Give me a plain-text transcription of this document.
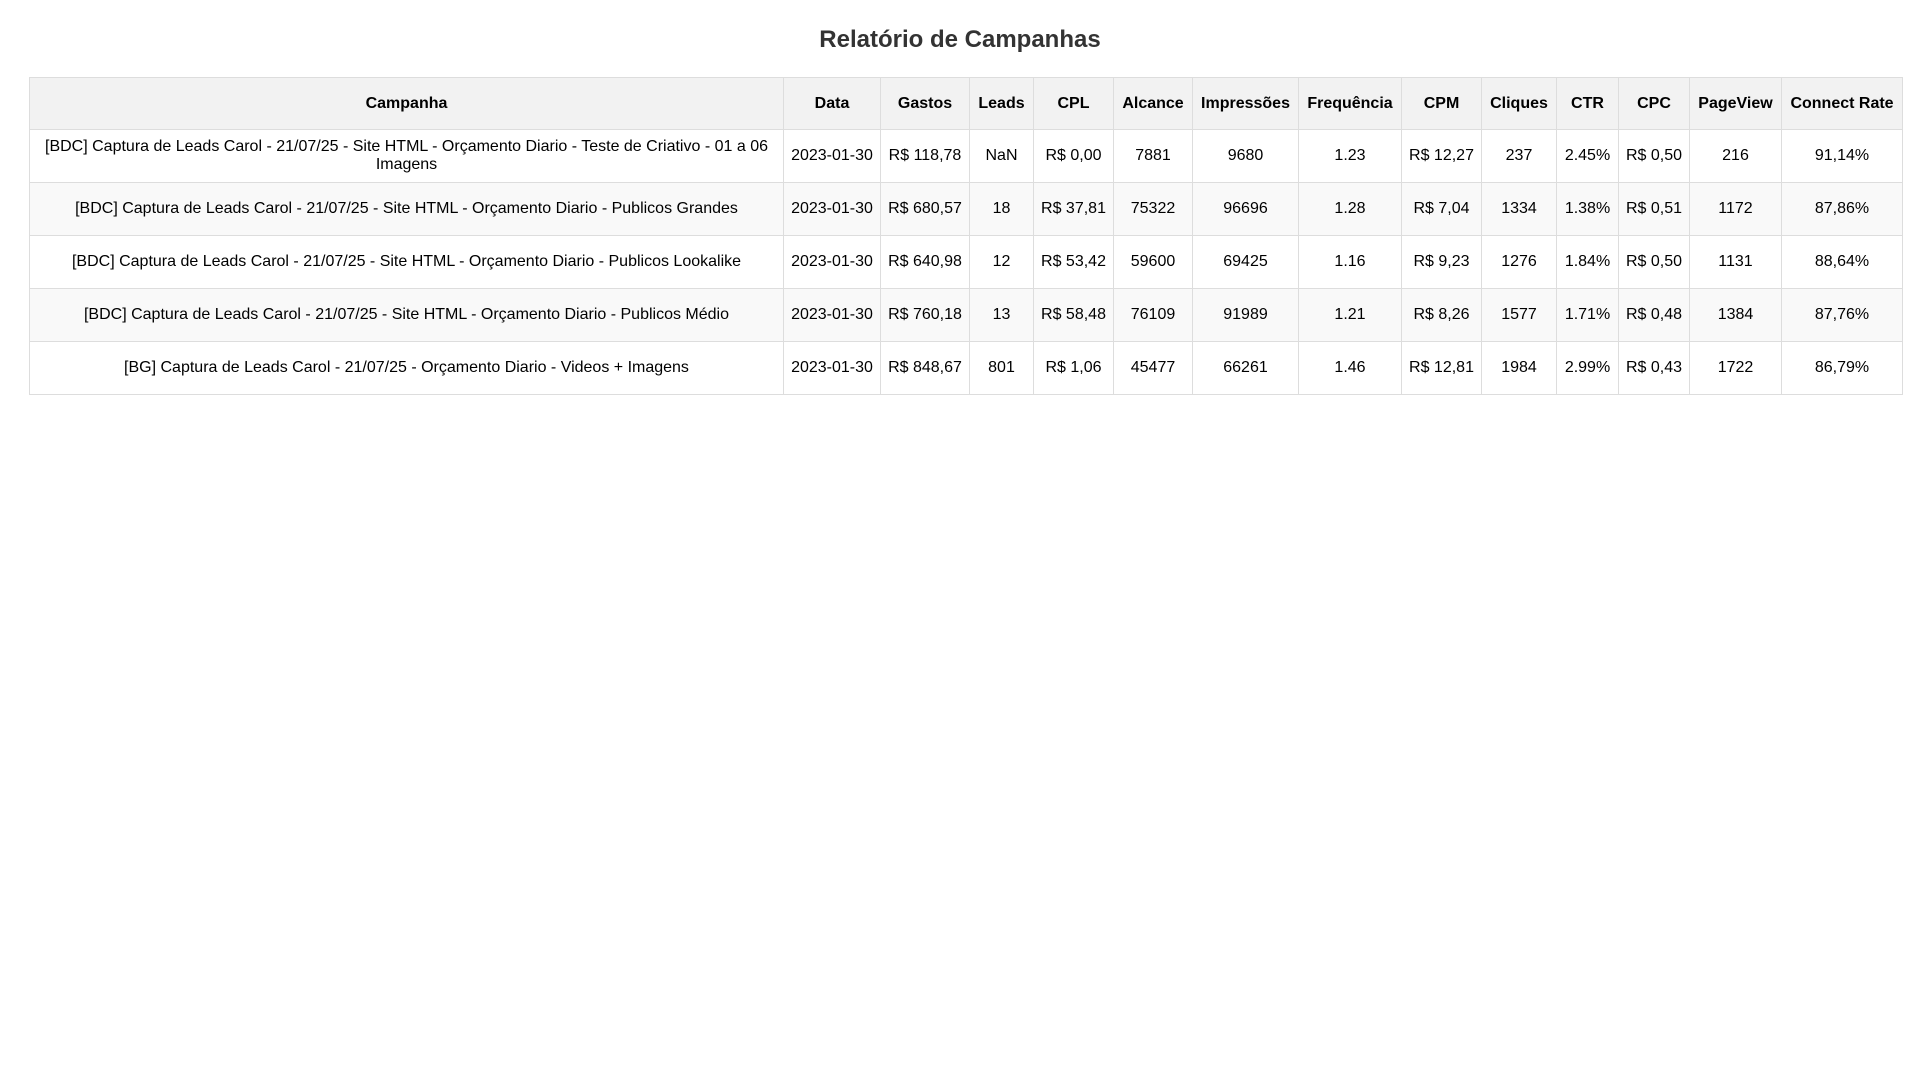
Relatório de Campanhas
Campanha	Data	Gastos	Leads	CPL	Alcance	Impressões	Frequência	CPM	Cliques	CTR	CPC	PageView	Connect Rate
[BDC] Captura de Leads Carol - 21/07/25 - Site HTML - Orçamento Diario - Teste de Criativo - 01 a 06 Imagens	2023-01-30	R$ 118,78	NaN	R$ 0,00	7881	9680	1.23	R$ 12,27	237	2.45%	R$ 0,50	216	91,14%
[BDC] Captura de Leads Carol - 21/07/25 - Site HTML - Orçamento Diario - Publicos Grandes	2023-01-30	R$ 680,57	18	R$ 37,81	75322	96696	1.28	R$ 7,04	1334	1.38%	R$ 0,51	1172	87,86%
[BDC] Captura de Leads Carol - 21/07/25 - Site HTML - Orçamento Diario - Publicos Lookalike	2023-01-30	R$ 640,98	12	R$ 53,42	59600	69425	1.16	R$ 9,23	1276	1.84%	R$ 0,50	1131	88,64%
[BDC] Captura de Leads Carol - 21/07/25 - Site HTML - Orçamento Diario - Publicos Médio	2023-01-30	R$ 760,18	13	R$ 58,48	76109	91989	1.21	R$ 8,26	1577	1.71%	R$ 0,48	1384	87,76%
[BG] Captura de Leads Carol - 21/07/25 - Orçamento Diario - Videos + Imagens	2023-01-30	R$ 848,67	801	R$ 1,06	45477	66261	1.46	R$ 12,81	1984	2.99%	R$ 0,43	1722	86,79%
